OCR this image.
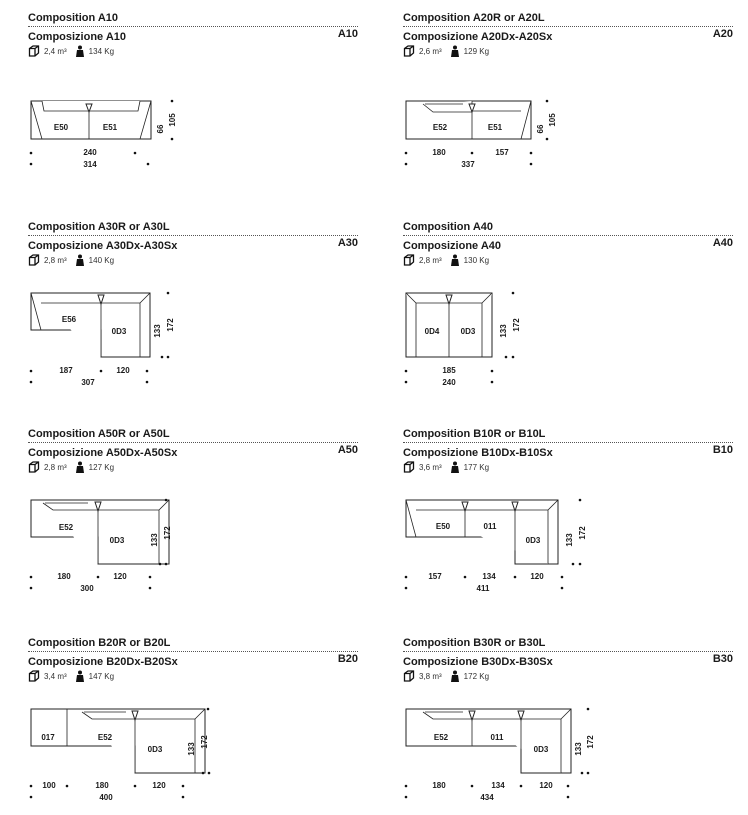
Composition A10
Composizione A10	A10
2,4 m³	134 Kg
E50	E51
240
314
66
105
Composition A20R or A20L
Composizione A20Dx-A20Sx	A20
2,6 m³	129 Kg
E52	E51
180	157
337
66
105
Composition A30R or A30L
Composizione A30Dx-A30Sx	A30
2,8 m³	140 Kg
E56
0D3
187	120
307
133 172
Composition A40
Composizione A40	A40
2,8 m³	130 Kg
0D4	0D3
185
240
133 172
Composition A50R or A50L
Composizione A50Dx-A50Sx	A50
2,8 m³	127 Kg
E52
0D3
180	120
300
133
172
Composition B10R or B10L
Composizione B10Dx-B10Sx	B10
3,6 m³	177 Kg
E50	011
0D3
157	134	120
411
133
172
Composition B20R or B20L
Composizione B20Dx-B20Sx	B20
3,4 m³	147 Kg
017	E52
0D3
100	180	120
400
133
172
Composition B30R or B30L
Composizione B30Dx-B30Sx	B30
3,8 m³	172 Kg
E52	011
0D3
180	134	120
434
133
172
